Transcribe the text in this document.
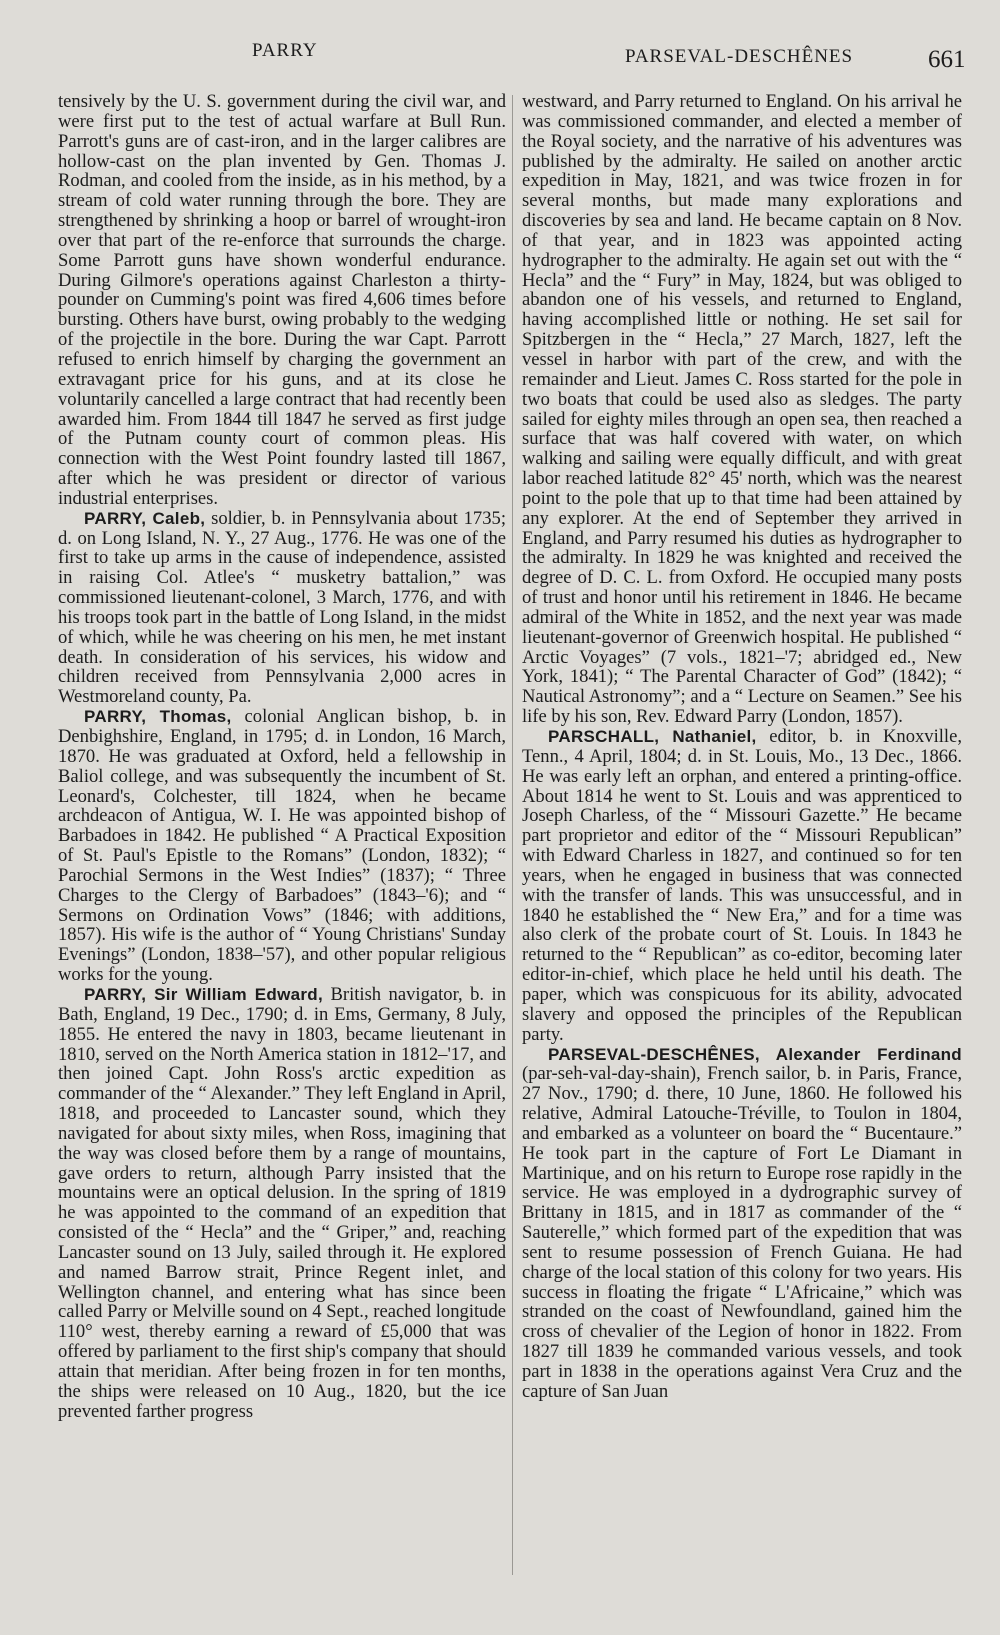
PARRY	PARSEVAL-DESCHÊNES	661

tensively by the U. S. government during the civil war, and were first put to the test of actual warfare at Bull Run. Parrott's guns are of cast-iron, and in the larger calibres are hollow-cast on the plan invented by Gen. Thomas J. Rodman, and cooled from the inside, as in his method, by a stream of cold water running through the bore. They are strengthened by shrinking a hoop or barrel of wrought-iron over that part of the re-enforce that surrounds the charge. Some Parrott guns have shown wonderful endurance. During Gilmore's operations against Charleston a thirty-pounder on Cumming's point was fired 4,606 times before bursting. Others have burst, owing probably to the wedging of the projectile in the bore. During the war Capt. Parrott refused to enrich himself by charging the government an extravagant price for his guns, and at its close he voluntarily cancelled a large contract that had recently been awarded him. From 1844 till 1847 he served as first judge of the Putnam county court of common pleas. His connection with the West Point foundry lasted till 1867, after which he was president or director of various industrial enterprises.

PARRY, Caleb, soldier, b. in Pennsylvania about 1735; d. on Long Island, N. Y., 27 Aug., 1776. He was one of the first to take up arms in the cause of independence, assisted in raising Col. Atlee's “ musketry battalion,” was commissioned lieutenant-colonel, 3 March, 1776, and with his troops took part in the battle of Long Island, in the midst of which, while he was cheering on his men, he met instant death. In consideration of his services, his widow and children received from Pennsylvania 2,000 acres in Westmoreland county, Pa.

PARRY, Thomas, colonial Anglican bishop, b. in Denbighshire, England, in 1795; d. in London, 16 March, 1870. He was graduated at Oxford, held a fellowship in Baliol college, and was subsequently the incumbent of St. Leonard's, Colchester, till 1824, when he became archdeacon of Antigua, W. I. He was appointed bishop of Barbadoes in 1842. He published “ A Practical Exposition of St. Paul's Epistle to the Romans” (London, 1832); “ Parochial Sermons in the West Indies” (1837); “ Three Charges to the Clergy of Barbadoes” (1843–'6); and “ Sermons on Ordination Vows” (1846; with additions, 1857). His wife is the author of “ Young Christians' Sunday Evenings” (London, 1838–'57), and other popular religious works for the young.

PARRY, Sir William Edward, British navigator, b. in Bath, England, 19 Dec., 1790; d. in Ems, Germany, 8 July, 1855. He entered the navy in 1803, became lieutenant in 1810, served on the North America station in 1812–'17, and then joined Capt. John Ross's arctic expedition as commander of the “ Alexander.” They left England in April, 1818, and proceeded to Lancaster sound, which they navigated for about sixty miles, when Ross, imagining that the way was closed before them by a range of mountains, gave orders to return, although Parry insisted that the mountains were an optical delusion. In the spring of 1819 he was appointed to the command of an expedition that consisted of the “ Hecla” and the “ Griper,” and, reaching Lancaster sound on 13 July, sailed through it. He explored and named Barrow strait, Prince Regent inlet, and Wellington channel, and entering what has since been called Parry or Melville sound on 4 Sept., reached longitude 110° west, thereby earning a reward of £5,000 that was offered by parliament to the first ship's company that should attain that meridian. After being frozen in for ten months, the ships were released on 10 Aug., 1820, but the ice prevented farther progress

westward, and Parry returned to England. On his arrival he was commissioned commander, and elected a member of the Royal society, and the narrative of his adventures was published by the admiralty. He sailed on another arctic expedition in May, 1821, and was twice frozen in for several months, but made many explorations and discoveries by sea and land. He became captain on 8 Nov. of that year, and in 1823 was appointed acting hydrographer to the admiralty. He again set out with the “ Hecla” and the “ Fury” in May, 1824, but was obliged to abandon one of his vessels, and returned to England, having accomplished little or nothing. He set sail for Spitzbergen in the “ Hecla,” 27 March, 1827, left the vessel in harbor with part of the crew, and with the remainder and Lieut. James C. Ross started for the pole in two boats that could be used also as sledges. The party sailed for eighty miles through an open sea, then reached a surface that was half covered with water, on which walking and sailing were equally difficult, and with great labor reached latitude 82° 45' north, which was the nearest point to the pole that up to that time had been attained by any explorer. At the end of September they arrived in England, and Parry resumed his duties as hydrographer to the admiralty. In 1829 he was knighted and received the degree of D. C. L. from Oxford. He occupied many posts of trust and honor until his retirement in 1846. He became admiral of the White in 1852, and the next year was made lieutenant-governor of Greenwich hospital. He published “ Arctic Voyages” (7 vols., 1821–'7; abridged ed., New York, 1841); “ The Parental Character of God” (1842); “ Nautical Astronomy”; and a “ Lecture on Seamen.” See his life by his son, Rev. Edward Parry (London, 1857).

PARSCHALL, Nathaniel, editor, b. in Knoxville, Tenn., 4 April, 1804; d. in St. Louis, Mo., 13 Dec., 1866. He was early left an orphan, and entered a printing-office. About 1814 he went to St. Louis and was apprenticed to Joseph Charless, of the “ Missouri Gazette.” He became part proprietor and editor of the “ Missouri Republican” with Edward Charless in 1827, and continued so for ten years, when he engaged in business that was connected with the transfer of lands. This was unsuccessful, and in 1840 he established the “ New Era,” and for a time was also clerk of the probate court of St. Louis. In 1843 he returned to the “ Republican” as co-editor, becoming later editor-in-chief, which place he held until his death. The paper, which was conspicuous for its ability, advocated slavery and opposed the principles of the Republican party.

PARSEVAL-DESCHÊNES, Alexander Ferdinand (par-seh-val-day-shain), French sailor, b. in Paris, France, 27 Nov., 1790; d. there, 10 June, 1860. He followed his relative, Admiral Latouche-Tréville, to Toulon in 1804, and embarked as a volunteer on board the “ Bucentaure.” He took part in the capture of Fort Le Diamant in Martinique, and on his return to Europe rose rapidly in the service. He was employed in a dydrographic survey of Brittany in 1815, and in 1817 as commander of the “ Sauterelle,” which formed part of the expedition that was sent to resume possession of French Guiana. He had charge of the local station of this colony for two years. His success in floating the frigate “ L'Africaine,” which was stranded on the coast of Newfoundland, gained him the cross of chevalier of the Legion of honor in 1822. From 1827 till 1839 he commanded various vessels, and took part in 1838 in the operations against Vera Cruz and the capture of San Juan
